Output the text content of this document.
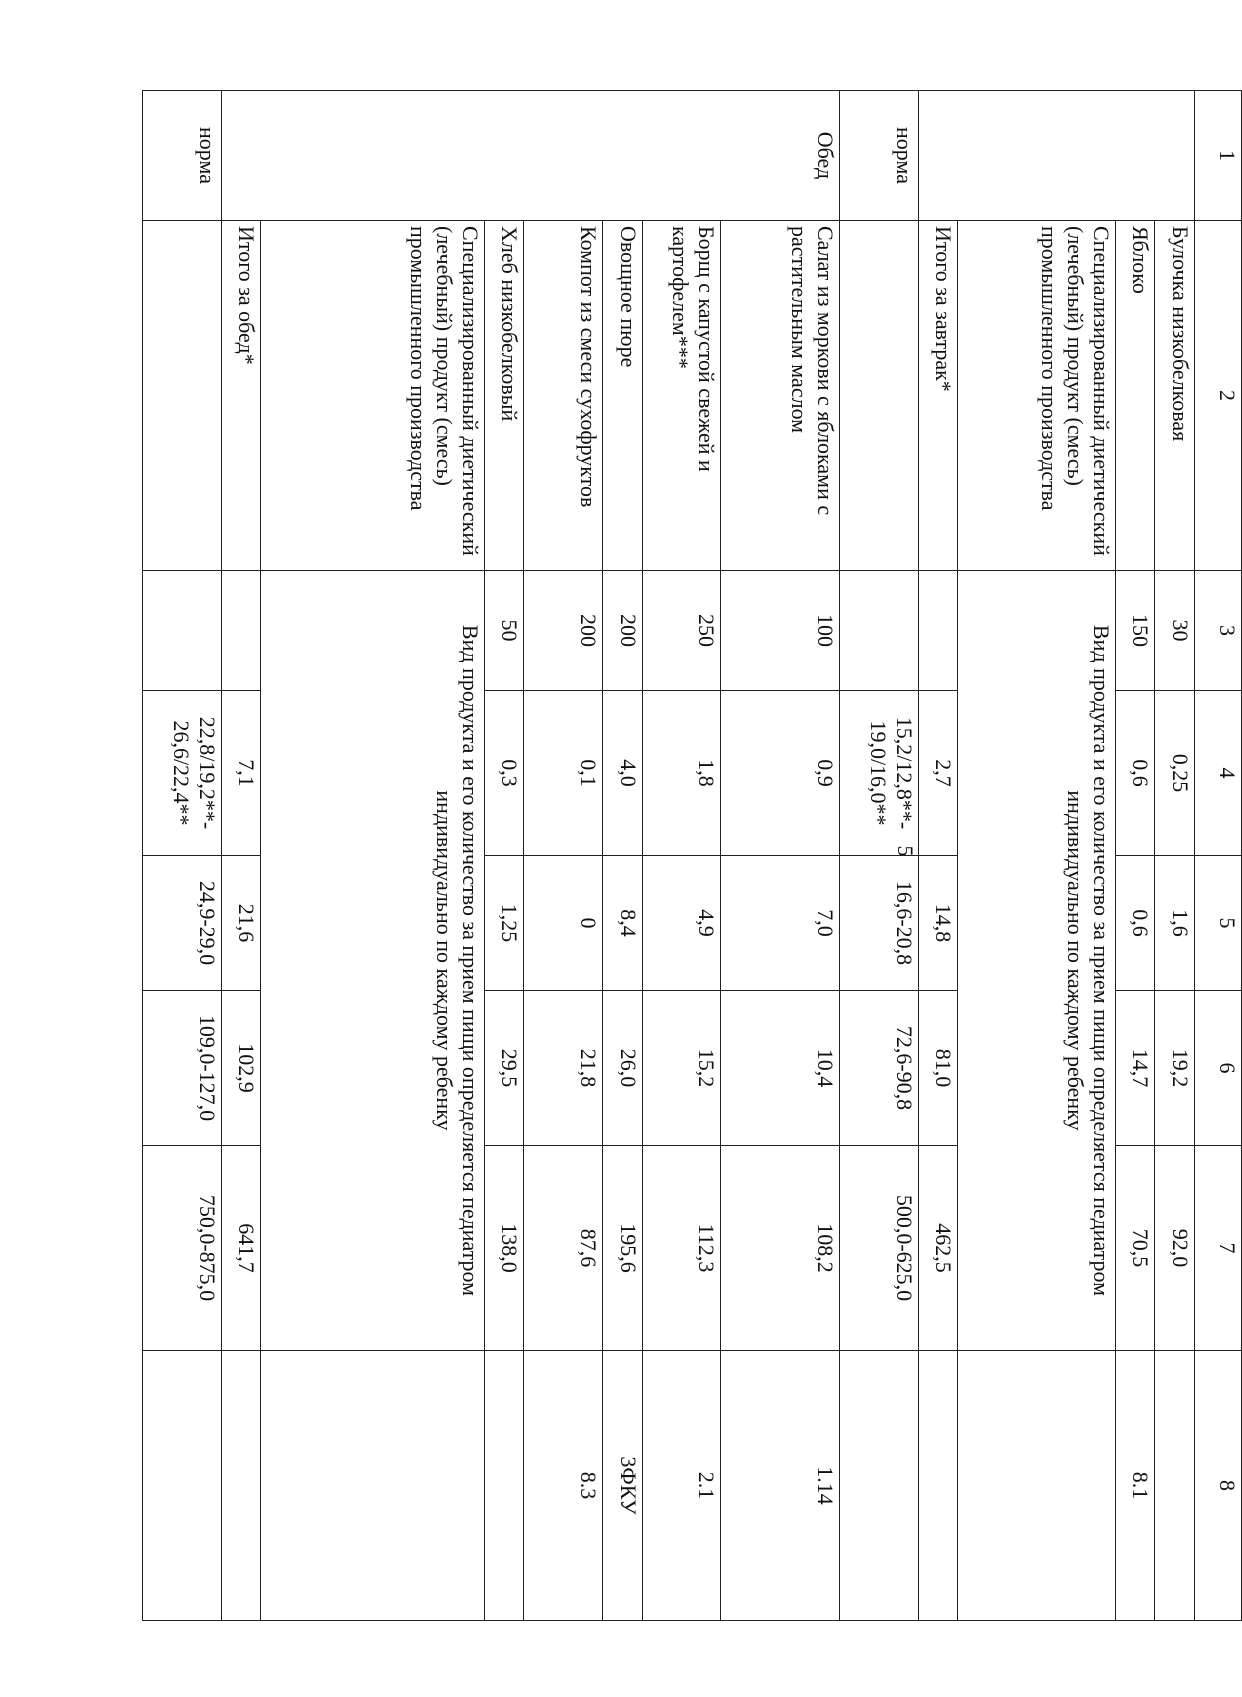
5
1	2	3	4	5	6	7	8
	Булочка низкобелковая	30	0,25	1,6	19,2	92,0	
	Яблоко	150	0,6	0,6	14,7	70,5	8.1
	Специализированный диетический (лечебный) продукт (смесь) промышленного производства	Вид продукта и его количество за прием пищи определяется педиатром индивидуально по каждому ребенку					
	Итого за завтрак*		2,7	14,8	81,0	462,5	
норма			15,2/12,8**- 19,0/16,0**	16,6-20,8	72,6-90,8	500,0-625,0	
Обед	Салат из моркови с яблоками с растительным маслом	100	0,9	7,0	10,4	108,2	1.14
	Борщ с капустой свежей и картофелем***	250	1,8	4,9	15,2	112,3	2.1
	Овощное пюре	200	4,0	8,4	26,0	195,6	3ФКУ
	Компот из смеси сухофруктов	200	0,1	0	21,8	87,6	8.3
	Хлеб низкобелковый	50	0,3	1,25	29,5	138,0	
	Специализированный диетический (лечебный) продукт (смесь) промышленного производства	Вид продукта и его количество за прием пищи определяется педиатром индивидуально по каждому ребенку					
	Итого за обед*		7,1	21,6	102,9	641,7	
норма			22,8/19,2**- 26,6/22,4**	24,9-29,0	109,0-127,0	750,0-875,0	
